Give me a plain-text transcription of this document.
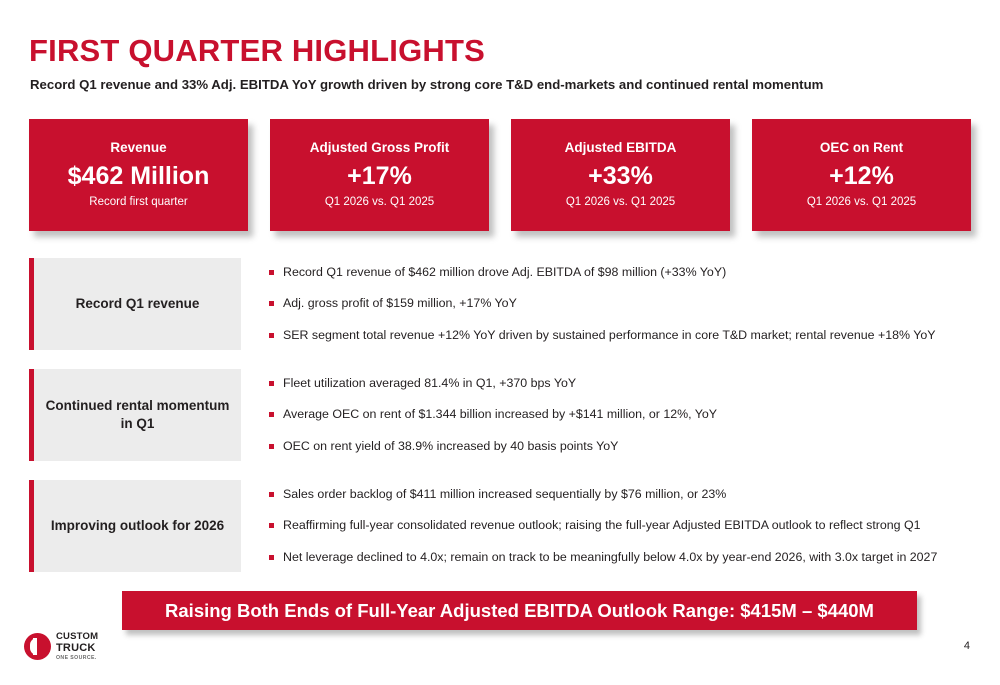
FIRST QUARTER HIGHLIGHTS
Record Q1 revenue and 33% Adj. EBITDA YoY growth driven by strong core T&D end-markets and continued rental momentum
Revenue
$462 Million
Record first quarter
Adjusted Gross Profit
+17%
Q1 2026 vs. Q1 2025
Adjusted EBITDA
+33%
Q1 2026 vs. Q1 2025
OEC on Rent
+12%
Q1 2026 vs. Q1 2025
Record Q1 revenue
Record Q1 revenue of $462 million drove Adj. EBITDA of $98 million (+33% YoY)
Adj. gross profit of $159 million, +17% YoY
SER segment total revenue +12% YoY driven by sustained performance in core T&D market; rental revenue +18% YoY
Continued rental momentum in Q1
Fleet utilization averaged 81.4% in Q1, +370 bps YoY
Average OEC on rent of $1.344 billion increased by +$141 million, or 12%, YoY
OEC on rent yield of 38.9% increased by 40 basis points YoY
Improving outlook for 2026
Sales order backlog of $411 million increased sequentially by $76 million, or 23%
Reaffirming full-year consolidated revenue outlook; raising the full-year Adjusted EBITDA outlook to reflect strong Q1
Net leverage declined to 4.0x; remain on track to be meaningfully below 4.0x by year-end 2026, with 3.0x target in 2027
Raising Both Ends of Full-Year Adjusted EBITDA Outlook Range: $415M – $440M
CUSTOM
TRUCK
ONE SOURCE.
4
